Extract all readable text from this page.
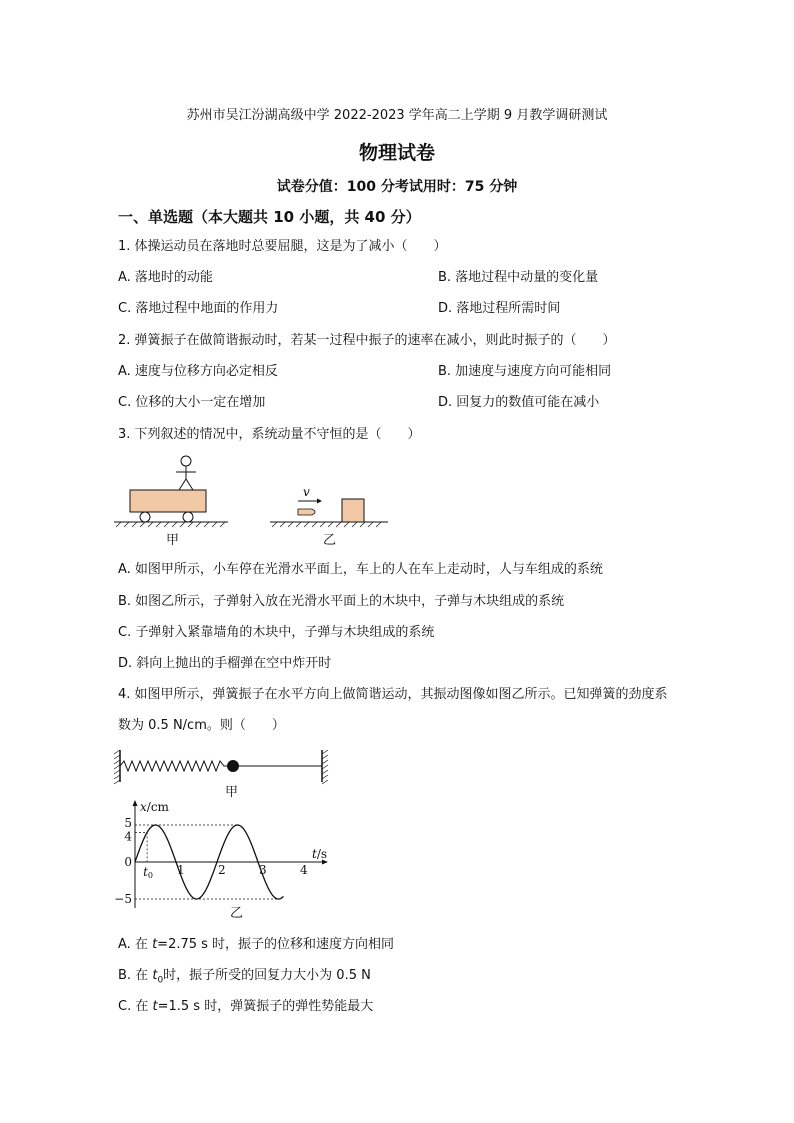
苏州市吴江汾湖高级中学 2022-2023 学年高二上学期 9 月教学调研测试
物理试卷
试卷分值：100 分考试用时：75 分钟
一、单选题（本大题共 10 小题，共 40 分）
1. 体操运动员在落地时总要屈腿，这是为了减小（　　）
A. 落地时的动能	B. 落地过程中动量的变化量
C. 落地过程中地面的作用力	D. 落地过程所需时间
2. 弹簧振子在做简谐振动时，若某一过程中振子的速率在减小，则此时振子的（　　）
A. 速度与位移方向必定相反	B. 加速度与速度方向可能相同
C. 位移的大小一定在增加	D. 回复力的数值可能在减小
3. 下列叙述的情况中，系统动量不守恒的是（　　）
甲
v
乙
A. 如图甲所示，小车停在光滑水平面上，车上的人在车上走动时，人与车组成的系统
B. 如图乙所示，子弹射入放在光滑水平面上的木块中，子弹与木块组成的系统
C. 子弹射入紧靠墙角的木块中，子弹与木块组成的系统
D. 斜向上抛出的手榴弹在空中炸开时
4. 如图甲所示，弹簧振子在水平方向上做简谐运动，其振动图像如图乙所示。已知弹簧的劲度系
数为 0.5 N/cm。则（　　）
甲
x/cm
t/s
5
4
0
−5
t0 1	2	3	4
乙
A. 在 t=2.75 s 时，振子的位移和速度方向相同
B. 在 $t_0$时，振子所受的回复力大小为 0.5 N
C. 在 t=1.5 s 时，弹簧振子的弹性势能最大
